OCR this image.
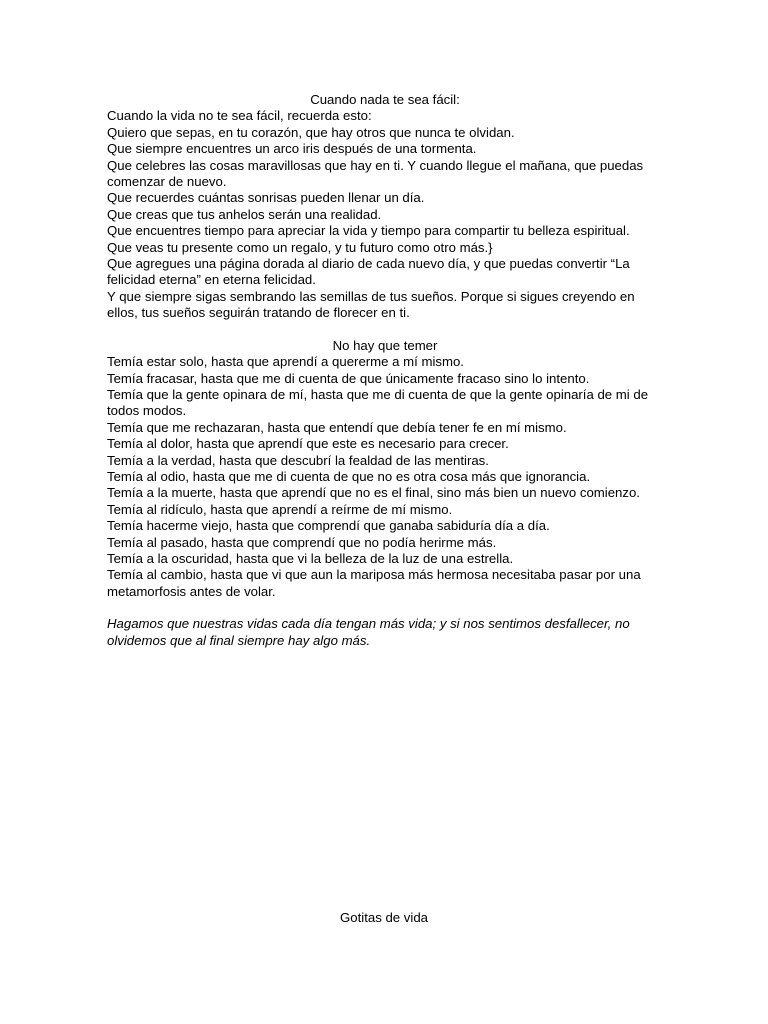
Cuando nada te sea fácil:

Cuando la vida no te sea fácil, recuerda esto:

Quiero que sepas, en tu corazón, que hay otros que nunca te olvidan.

Que siempre encuentres un arco iris después de una tormenta.

Que celebres las cosas maravillosas que hay en ti. Y cuando llegue el mañana, que puedas comenzar de nuevo.

Que recuerdes cuántas sonrisas pueden llenar un día.

Que creas que tus anhelos serán una realidad.

Que encuentres tiempo para apreciar la vida y tiempo para compartir tu belleza espiritual.

Que veas tu presente como un regalo, y tu futuro como otro más.}

Que agregues una página dorada al diario de cada nuevo día, y que puedas convertir “La felicidad eterna” en eterna felicidad.

Y que siempre sigas sembrando las semillas de tus sueños. Porque si sigues creyendo en ellos, tus sueños seguirán tratando de florecer en ti.

No hay que temer

Temía estar solo, hasta que aprendí a quererme a mí mismo.

Temía fracasar, hasta que me di cuenta de que únicamente fracaso sino lo intento.

Temía que la gente opinara de mí, hasta que me di cuenta de que la gente opinaría de mi de todos modos.

Temía que me rechazaran, hasta que entendí que debía tener fe en mí mismo.

Temía al dolor, hasta que aprendí que este es necesario para crecer.

Temía a la verdad, hasta que descubrí la fealdad de las mentiras.

Temía al odio, hasta que me di cuenta de que no es otra cosa más que ignorancia.

Temía a la muerte, hasta que aprendí que no es el final, sino más bien un nuevo comienzo.

Temía al ridículo, hasta que aprendí a reírme de mí mismo.

Temía hacerme viejo, hasta que comprendí que ganaba sabiduría día a día.

Temía al pasado, hasta que comprendí que no podía herirme más.

Temía a la oscuridad, hasta que vi la belleza de la luz de una estrella.

Temía al cambio, hasta que vi que aun la mariposa más hermosa necesitaba pasar por una metamorfosis antes de volar.

Hagamos que nuestras vidas cada día tengan más vida; y si nos sentimos desfallecer, no olvidemos que al final siempre hay algo más.

Gotitas de vida
